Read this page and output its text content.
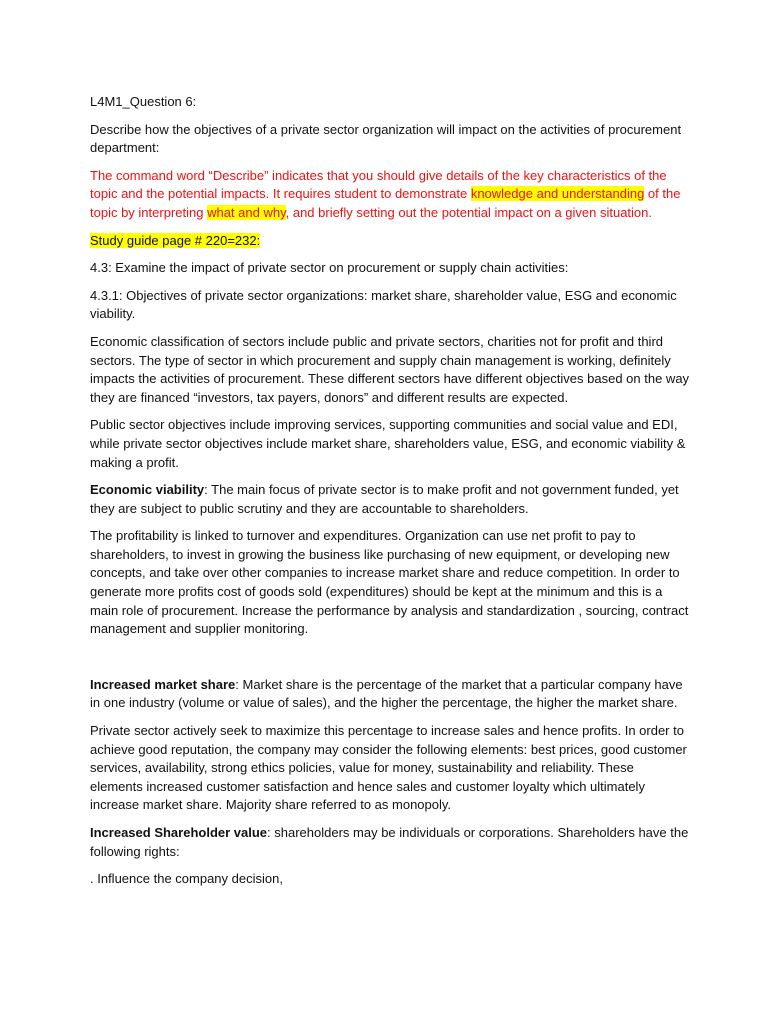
L4M1_Question 6:

Describe how the objectives of a private sector organization will impact on the activities of procurement department:

The command word “Describe” indicates that you should give details of the key characteristics of the topic and the potential impacts. It requires student to demonstrate knowledge and understanding of the topic by interpreting what and why, and briefly setting out the potential impact on a given situation.

Study guide page # 220=232:

4.3: Examine the impact of private sector on procurement or supply chain activities:

4.3.1: Objectives of private sector organizations: market share, shareholder value, ESG and economic viability.

Economic classification of sectors include public and private sectors, charities not for profit and third sectors. The type of sector in which procurement and supply chain management is working, definitely impacts the activities of procurement. These different sectors have different objectives based on the way they are financed “investors, tax payers, donors” and different results are expected.

Public sector objectives include improving services, supporting communities and social value and EDI, while private sector objectives include market share, shareholders value, ESG, and economic viability & making a profit.

Economic viability: The main focus of private sector is to make profit and not government funded, yet they are subject to public scrutiny and they are accountable to shareholders.

The profitability is linked to turnover and expenditures. Organization can use net profit to pay to shareholders, to invest in growing the business like purchasing of new equipment, or developing new concepts, and take over other companies to increase market share and reduce competition. In order to generate more profits cost of goods sold (expenditures) should be kept at the minimum and this is a main role of procurement. Increase the performance by analysis and standardization , sourcing, contract management and supplier monitoring.

Increased market share: Market share is the percentage of the market that a particular company have in one industry (volume or value of sales), and the higher the percentage, the higher the market share.

Private sector actively seek to maximize this percentage to increase sales and hence profits. In order to achieve good reputation, the company may consider the following elements: best prices, good customer services, availability, strong ethics policies, value for money, sustainability and reliability. These elements increased customer satisfaction and hence sales and customer loyalty which ultimately increase market share. Majority share referred to as monopoly.

Increased Shareholder value: shareholders may be individuals or corporations. Shareholders have the following rights:

. Influence the company decision,
